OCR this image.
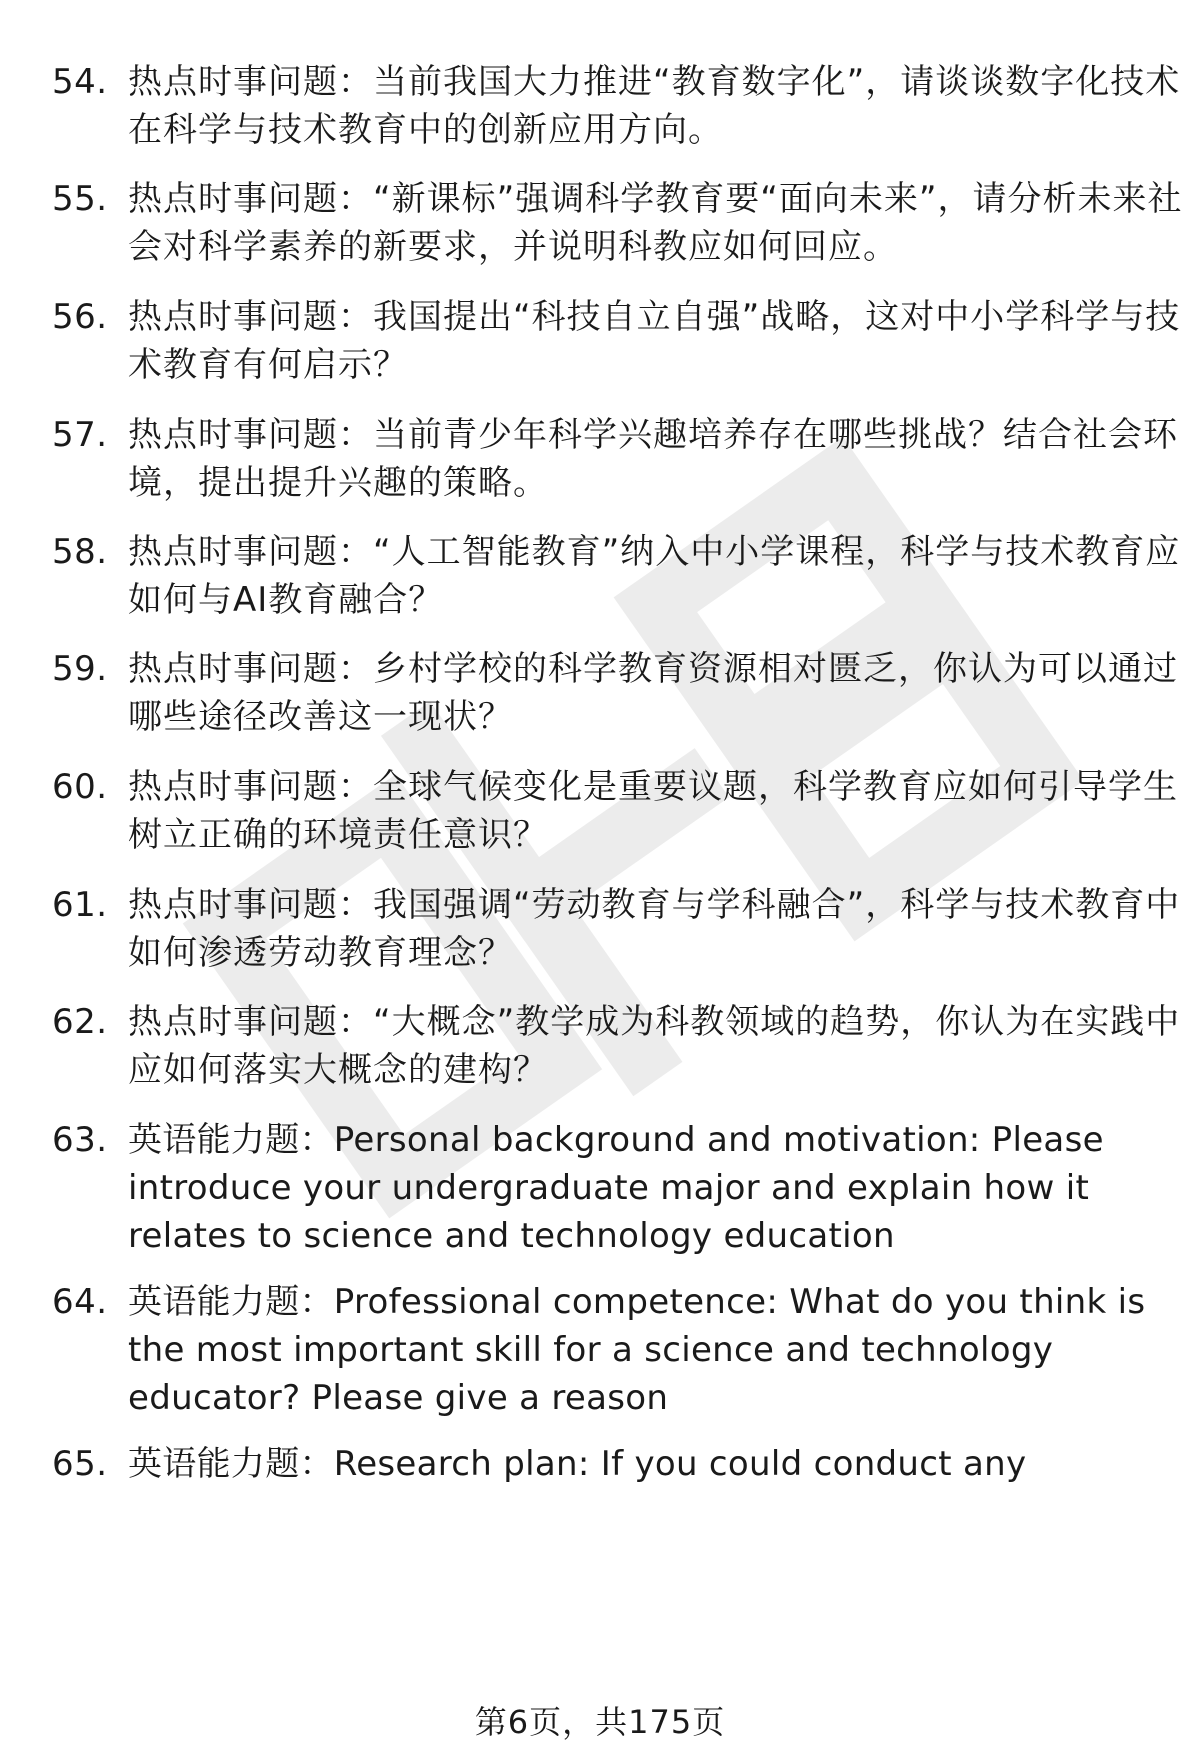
54. 热点时事问题：当前我国大力推进“教育数字化”，请谈谈数字化技术在科学与技术教育中的创新应用方向。
55. 热点时事问题：“新课标”强调科学教育要“面向未来”，请分析未来社会对科学素养的新要求，并说明科教应如何回应。
56. 热点时事问题：我国提出“科技自立自强”战略，这对中小学科学与技术教育有何启示？
57. 热点时事问题：当前青少年科学兴趣培养存在哪些挑战？结合社会环境，提出提升兴趣的策略。
58. 热点时事问题：“人工智能教育”纳入中小学课程，科学与技术教育应如何与AI教育融合？
59. 热点时事问题：乡村学校的科学教育资源相对匮乏，你认为可以通过哪些途径改善这一现状？
60. 热点时事问题：全球气候变化是重要议题，科学教育应如何引导学生树立正确的环境责任意识？
61. 热点时事问题：我国强调“劳动教育与学科融合”，科学与技术教育中如何渗透劳动教育理念？
62. 热点时事问题：“大概念”教学成为科教领域的趋势，你认为在实践中应如何落实大概念的建构？
63. 英语能力题：Personal background and motivation: Please introduce your undergraduate major and explain how it relates to science and technology education
64. 英语能力题：Professional competence: What do you think is the most important skill for a science and technology educator? Please give a reason
65. 英语能力题：Research plan: If you could conduct any
第6页，共175页
